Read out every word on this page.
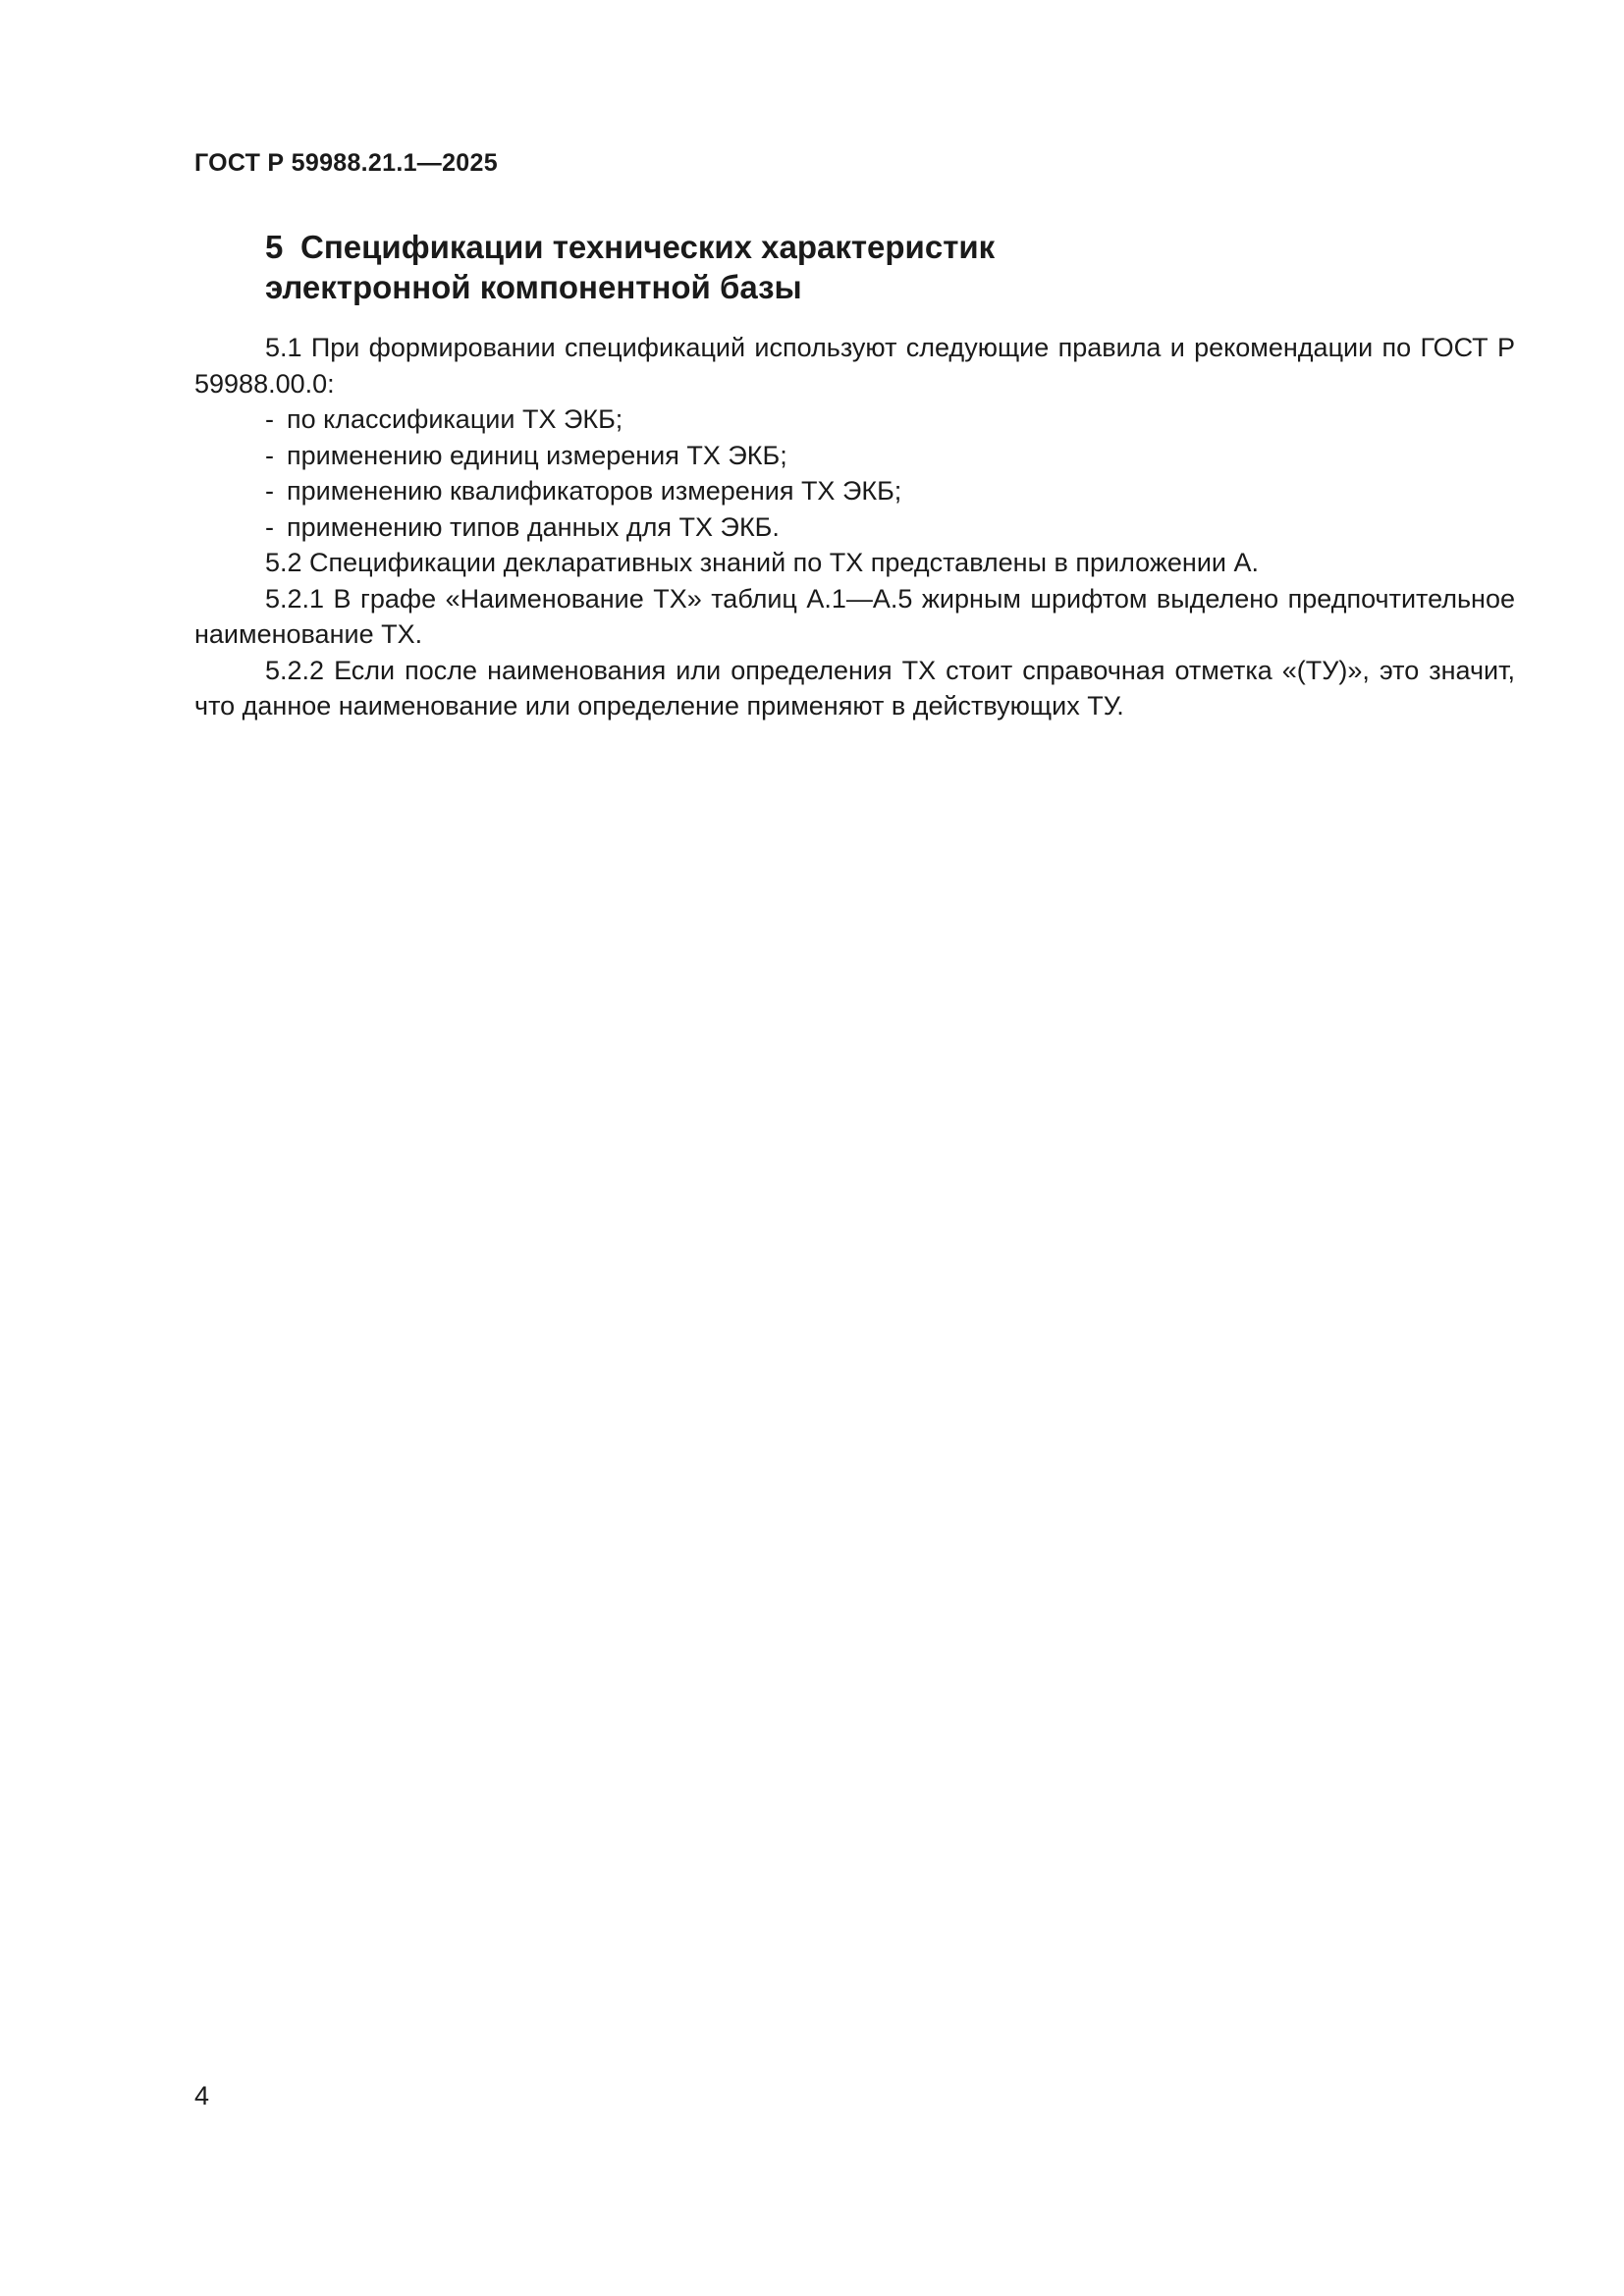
ГОСТ Р 59988.21.1—2025
5 Спецификации технических характеристик
электронной компонентной базы

5.1 При формировании спецификаций используют следующие правила и рекомендации по ГОСТ Р 59988.00.0:

- по классификации ТХ ЭКБ;
- применению единиц измерения ТХ ЭКБ;
- применению квалификаторов измерения ТХ ЭКБ;
- применению типов данных для ТХ ЭКБ.

5.2 Спецификации декларативных знаний по ТХ представлены в приложении А.

5.2.1 В графе «Наименование ТХ» таблиц А.1—А.5 жирным шрифтом выделено предпочтительное наименование ТХ.

5.2.2 Если после наименования или определения ТХ стоит справочная отметка «(ТУ)», это значит, что данное наименование или определение применяют в действующих ТУ.

4
